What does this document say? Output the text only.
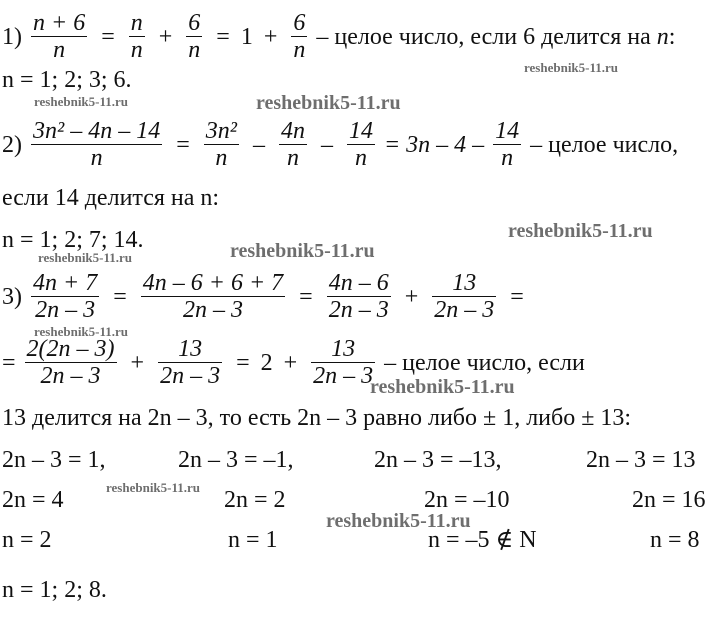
$1) \frac{n + 6}{n} = \frac{n}{n} + \frac{6}{n} = 1 + \frac{6}{n}$ – целое число, если 6 делится на n:
n = 1; 2; 3; 6.
$2) \frac{\text{3n² – 4n – 14}}{n} = \frac{\text{3n²}}{n} - \frac{4n}{n} - \frac{14}{n} = 3n - 4 - \frac{14}{n}$ – целое число,
если 14 делится на n:
n = 1; 2; 7; 14.
$3) \frac{4n + 7}{2n - 3} = \frac{4n - 6 + 6 + 7}{2n - 3} = \frac{4n - 6}{2n - 3} + \frac{13}{2n - 3}$ =
= $\frac{2(2n - 3)}{2n - 3} + \frac{13}{2n - 3} = 2 + \frac{13}{2n - 3}$ – целое число, если
13 делится на 2n – 3, то есть 2n – 3 равно либо ± 1, либо ± 13:
2n – 3 = 1,
2n = 4
n = 2
2n – 3 = –1,
2n = 2
n = 1
2n – 3 = –13,
2n = –10
n = –5 ∉ N
2n – 3 = 13
2n = 16
n = 8
n = 1; 2; 8.
reshebnik5-11.ru
reshebnik5-11.ru	reshebnik5-11.ru
reshebnik5-11.ru
reshebnik5-11.ru
reshebnik5-11.ru
reshebnik5-11.ru
reshebnik5-11.ru
reshebnik5-11.ru
reshebnik5-11.ru
